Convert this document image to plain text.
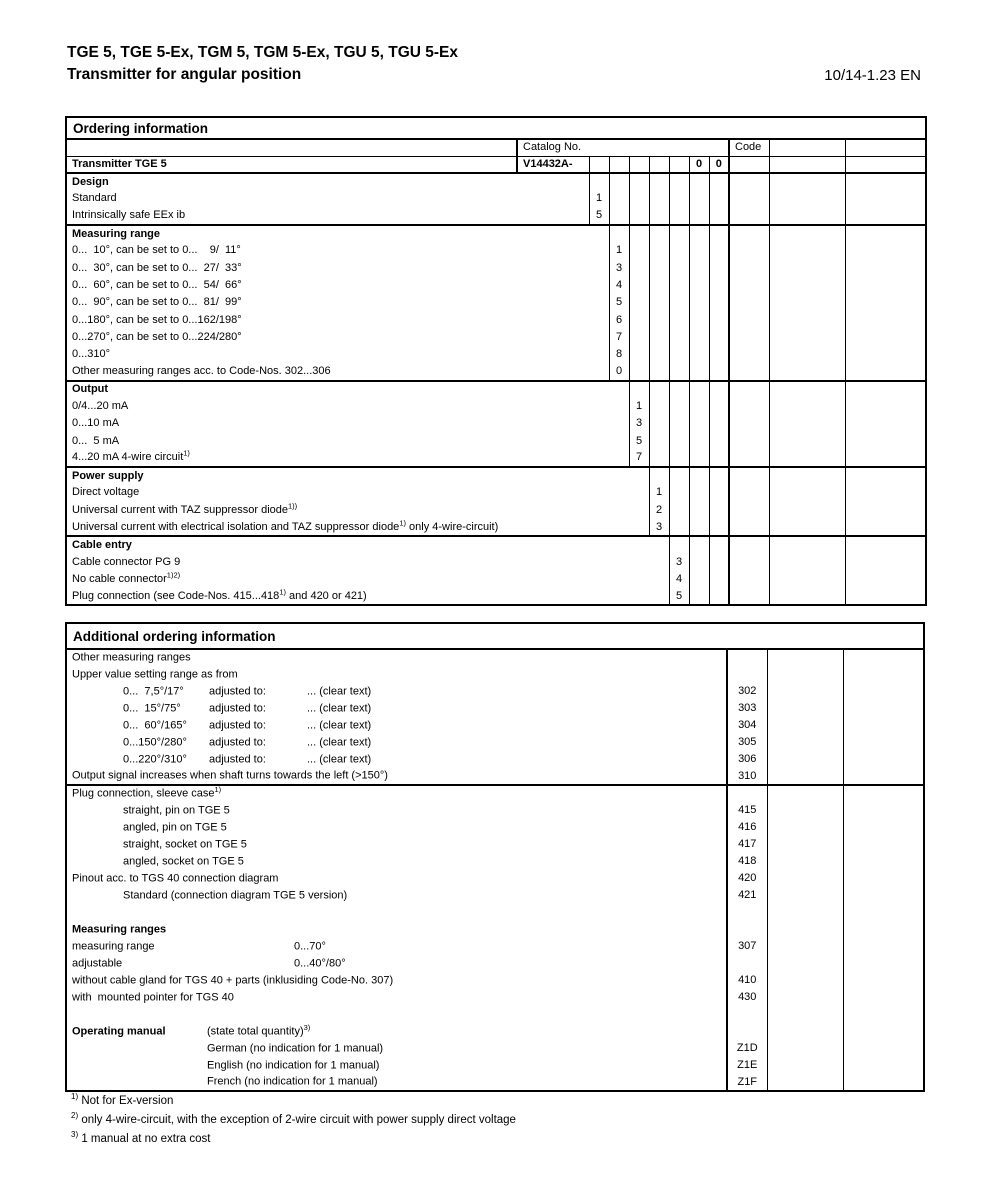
TGE 5, TGE 5-Ex, TGM 5, TGM 5-Ex, TGU 5, TGU 5-Ex
Transmitter for angular position	10/14-1.23 EN
Ordering information											
	Catalog No.								Code		
Transmitter TGE 5	V14432A-						0	0			
Design											
Standard		1									
Intrinsically safe EEx ib		5									
Measuring range											
0...  10°, can be set to 0...    9/  11°			1								
0...  30°, can be set to 0...  27/  33°			3								
0...  60°, can be set to 0...  54/  66°			4								
0...  90°, can be set to 0...  81/  99°			5								
0...180°, can be set to 0...162/198°			6								
0...270°, can be set to 0...224/280°			7								
0...310°			8								
Other measuring ranges acc. to Code-Nos. 302...306			0								
Output											
0/4...20 mA				1							
0...10 mA				3							
0...  5 mA				5							
4...20 mA 4-wire circuit$^{1)}$				7							
Power supply											
Direct voltage					1						
Universal current with TAZ suppressor diode$^{1))}$					2						
Universal current with electrical isolation and TAZ suppressor diode$^{1)}$ only 4-wire-circuit)					3						
Cable entry											
Cable connector PG 9						3					
No cable connector$^{1)2)}$						4					
Plug connection (see Code-Nos. 415...418$^{1)}$ and 420 or 421)						5					
Additional ordering information			

Other measuring ranges			

Upper value setting range as from			

0...  7,5°/17° adjusted to: ... (clear text)	302		

0...  15°/75° adjusted to: ... (clear text)	303		

0...  60°/165° adjusted to: ... (clear text)	304		

0...150°/280° adjusted to: ... (clear text)	305		

0...220°/310° adjusted to: ... (clear text)	306		

Output signal increases when shaft turns towards the left (>150°)	310		

Plug connection, sleeve case$^{1)}$

straight, pin on TGE 5	415		

angled, pin on TGE 5	416		

straight, socket on TGE 5	417		

angled, socket on TGE 5	418		

Pinout acc. to TGS 40 connection diagram	420		

Standard (connection diagram TGE 5 version)	421		

Measuring ranges			

measuring range 0...70°	307		

adjustable 0...40°/80°			

without cable gland for TGS 40 + parts (inklusiding Code-No. 307)	410		

with  mounted pointer for TGS 40	430		

Operating manual (state total quantity)$^{3)}$

German (no indication for 1 manual)	Z1D		

English (no indication for 1 manual)	Z1E		

French (no indication for 1 manual)	Z1F		
$^{1)}$ Not for Ex-version
$^{2)}$ only 4-wire-circuit, with the exception of 2-wire circuit with power supply direct voltage
$^{3)}$ 1 manual at no extra cost
